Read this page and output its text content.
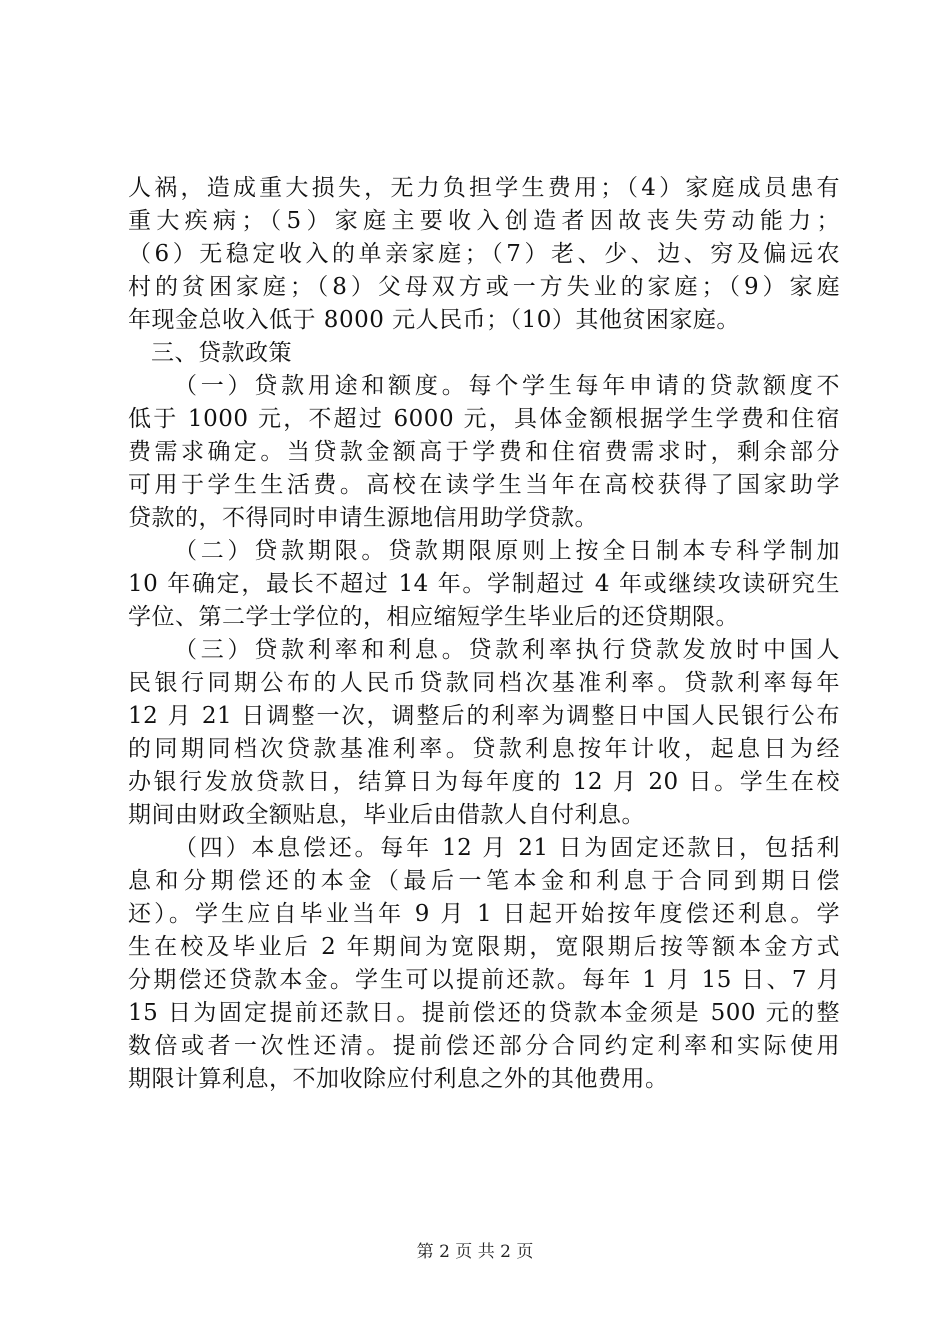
人祸，造成重大损失，无力负担学生费用；（4）家庭成员患有
重大疾病；（5）家庭主要收入创造者因故丧失劳动能力；
（6）无稳定收入的单亲家庭；（7）老、少、边、穷及偏远农
村的贫困家庭；（8）父母双方或一方失业的家庭；（9）家庭
年现金总收入低于 8000 元人民币；（10）其他贫困家庭。
三、贷款政策
（一）贷款用途和额度。每个学生每年申请的贷款额度不
低于 1000 元，不超过 6000 元，具体金额根据学生学费和住宿
费需求确定。当贷款金额高于学费和住宿费需求时，剩余部分
可用于学生生活费。高校在读学生当年在高校获得了国家助学
贷款的，不得同时申请生源地信用助学贷款。
（二）贷款期限。贷款期限原则上按全日制本专科学制加
10 年确定，最长不超过 14 年。学制超过 4 年或继续攻读研究生
学位、第二学士学位的，相应缩短学生毕业后的还贷期限。
（三）贷款利率和利息。贷款利率执行贷款发放时中国人
民银行同期公布的人民币贷款同档次基准利率。贷款利率每年
12 月 21 日调整一次，调整后的利率为调整日中国人民银行公布
的同期同档次贷款基准利率。贷款利息按年计收，起息日为经
办银行发放贷款日，结算日为每年度的 12 月 20 日。学生在校
期间由财政全额贴息，毕业后由借款人自付利息。
（四）本息偿还。每年 12 月 21 日为固定还款日，包括利
息和分期偿还的本金（最后一笔本金和利息于合同到期日偿
还）。学生应自毕业当年 9 月 1 日起开始按年度偿还利息。学
生在校及毕业后 2 年期间为宽限期，宽限期后按等额本金方式
分期偿还贷款本金。学生可以提前还款。每年 1 月 15 日、7 月
15 日为固定提前还款日。提前偿还的贷款本金须是 500 元的整
数倍或者一次性还清。提前偿还部分合同约定利率和实际使用
期限计算利息，不加收除应付利息之外的其他费用。
第 2 页 共 2 页
